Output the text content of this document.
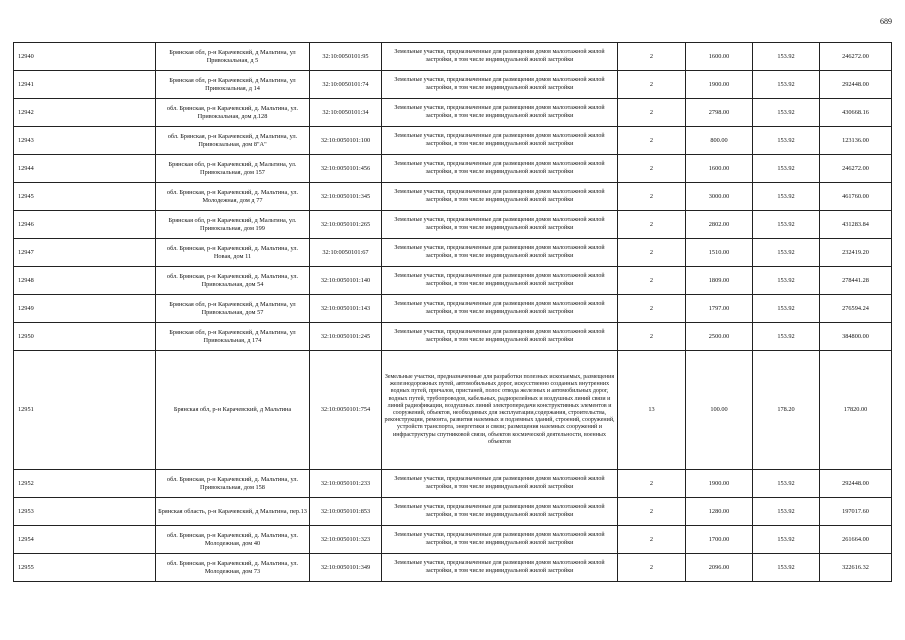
689
12940	Брянская обл, р-н Карачевский, д Мальтина, ул Привокзальная, д 5	32:10:0050101:95	Земельные участки, предназначенные для размещения домов малоэтажной жилой застройки, в том числе индивидуальной жилой застройки	2	1600.00	153.92	246272.00
12941	Брянская обл, р-н Карачевский, д Мальтина, ул Привокзальная, д 14	32:10:0050101:74	Земельные участки, предназначенные для размещения домов малоэтажной жилой застройки, в том числе индивидуальной жилой застройки	2	1900.00	153.92	292448.00
12942	обл. Брянская, р-н Карачевский, д. Мальтина, ул. Привокзальная, дом д.128	32:10:0050101:34	Земельные участки, предназначенные для размещения домов малоэтажной жилой застройки, в том числе индивидуальной жилой застройки	2	2798.00	153.92	430668.16
12943	обл. Брянская, р-н Карачевский, д Мальтина, ул. Привокзальная, дом 8"А"	32:10:0050101:100	Земельные участки, предназначенные для размещения домов малоэтажной жилой застройки, в том числе индивидуальной жилой застройки	2	800.00	153.92	123136.00
12944	Брянская обл, р-н Карачевский, д Мальтина, ул. Привокзальная, дом 157	32:10:0050101:456	Земельные участки, предназначенные для размещения домов малоэтажной жилой застройки, в том числе индивидуальной жилой застройки	2	1600.00	153.92	246272.00
12945	обл. Брянская, р-н Карачевский, д. Мальтина, ул. Молодежная, дом д 77	32:10:0050101:345	Земельные участки, предназначенные для размещения домов малоэтажной жилой застройки, в том числе индивидуальной жилой застройки	2	3000.00	153.92	461760.00
12946	Брянская обл, р-н Карачевский, д Мальтина, ул. Привокзальная, дом 199	32:10:0050101:265	Земельные участки, предназначенные для размещения домов малоэтажной жилой застройки, в том числе индивидуальной жилой застройки	2	2802.00	153.92	431283.84
12947	обл. Брянская, р-н Карачевский, д. Мальтина, ул. Новая, дом 11	32:10:0050101:67	Земельные участки, предназначенные для размещения домов малоэтажной жилой застройки, в том числе индивидуальной жилой застройки	2	1510.00	153.92	232419.20
12948	обл. Брянская, р-н Карачевский, д. Мальтина, ул. Привокзальная, дом 54	32:10:0050101:140	Земельные участки, предназначенные для размещения домов малоэтажной жилой застройки, в том числе индивидуальной жилой застройки	2	1809.00	153.92	278441.28
12949	Брянская обл, р-н Карачевский, д Мальтина, ул Привокзальная, дом 57	32:10:0050101:143	Земельные участки, предназначенные для размещения домов малоэтажной жилой застройки, в том числе индивидуальной жилой застройки	2	1797.00	153.92	276594.24
12950	Брянская обл, р-н Карачевский, д Мальтина, ул Привокзальная, д 174	32:10:0050101:245	Земельные участки, предназначенные для размещения домов малоэтажной жилой застройки, в том числе индивидуальной жилой застройки	2	2500.00	153.92	384800.00
12951	Брянская обл, р-н Карачевский, д Мальтина	32:10:0050101:754	Земельные участки, предназначенные для разработки полезных ископаемых, размещения железнодорожных путей, автомобильных дорог, искусственно созданных внутренних водных путей, причалов, пристаней, полос отвода железных и автомобильных дорог, водных путей, трубопроводов, кабельных, радиорелейных и воздушных линий связи и линий радиофикации, воздушных линий электропередачи конструктивных элементов и сооружений, объектов, необходимых для эксплуатации,содержания, строительства, реконструкции, ремонта, развития наземных и подземных зданий, строений, сооружений, устройств транспорта, энергетики и связи; размещения наземных сооружений и инфраструктуры спутниковой связи, объектов космической деятельности, военных объектов	13	100.00	178.20	17820.00
12952	обл. Брянская, р-н Карачевский, д. Мальтина, ул. Привокзальная, дом 158	32:10:0050101:233	Земельные участки, предназначенные для размещения домов малоэтажной жилой застройки, в том числе индивидуальной жилой застройки	2	1900.00	153.92	292448.00
12953	Брянская область, р-н Карачевский, д Мальтина, пер.13	32:10:0050101:853	Земельные участки, предназначенные для размещения домов малоэтажной жилой застройки, в том числе индивидуальной жилой застройки	2	1280.00	153.92	197017.60
12954	обл. Брянская, р-н Карачевский, д. Мальтина, ул. Молодежная, дом 40	32:10:0050101:323	Земельные участки, предназначенные для размещения домов малоэтажной жилой застройки, в том числе индивидуальной жилой застройки	2	1700.00	153.92	261664.00
12955	обл. Брянская, р-н Карачевский, д. Мальтина, ул. Молодежная, дом 73	32:10:0050101:349	Земельные участки, предназначенные для размещения домов малоэтажной жилой застройки, в том числе индивидуальной жилой застройки	2	2096.00	153.92	322616.32
